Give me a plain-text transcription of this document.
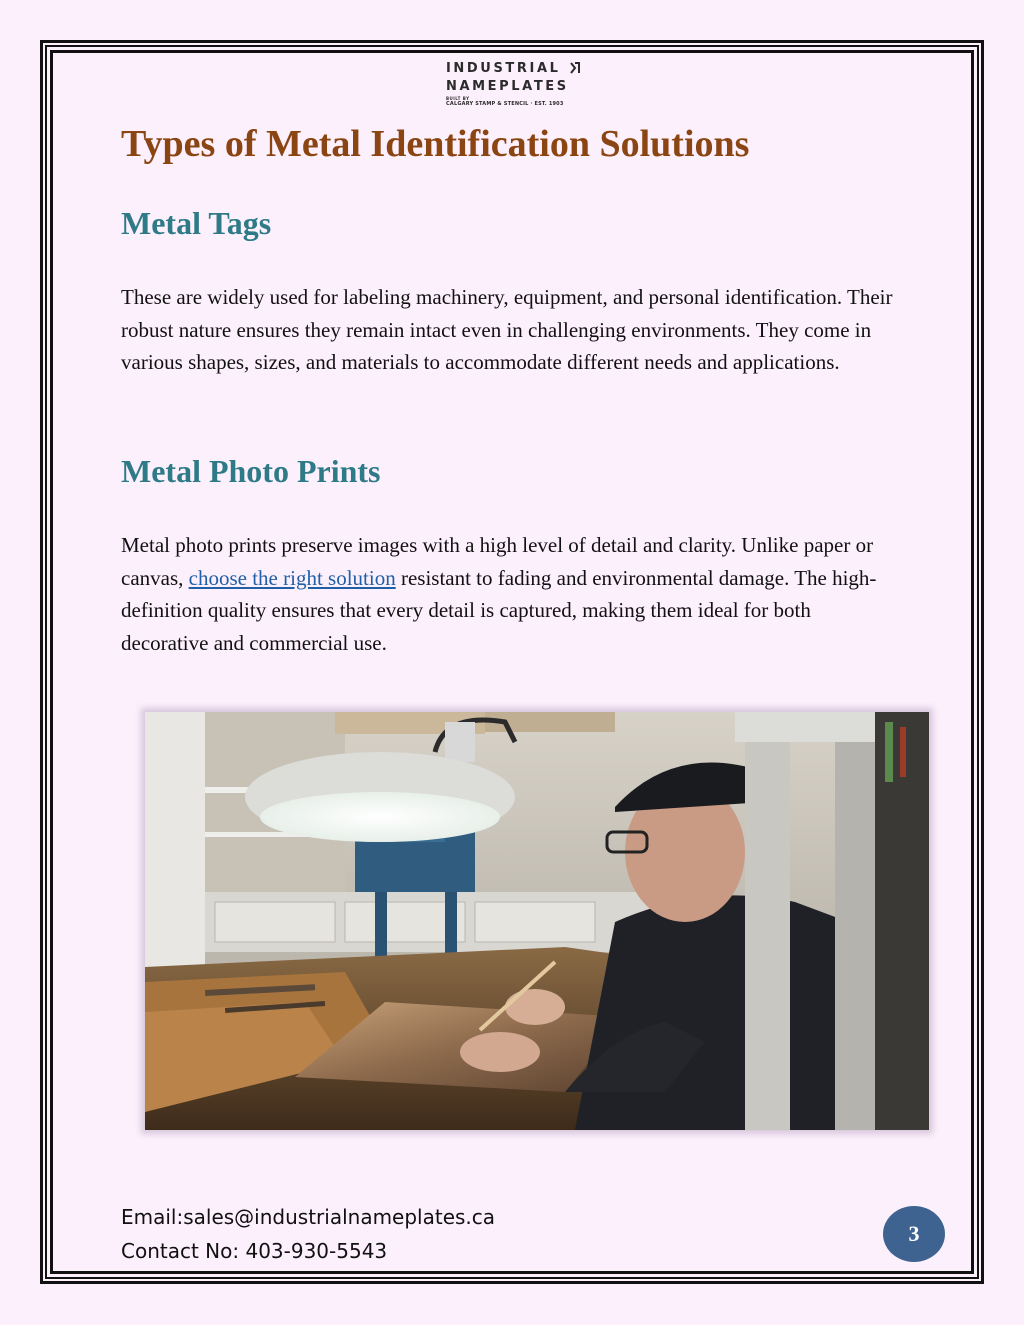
INDUSTRIAL
NAMEPLATES
BUILT BY
CALGARY STAMP & STENCIL · EST. 1903
Types of Metal Identification Solutions
Metal Tags

These are widely used for labeling machinery, equipment, and personal identification. Their robust nature ensures they remain intact even in challenging environments. They come in various shapes, sizes, and materials to accommodate different needs and applications.

Metal Photo Prints

Metal photo prints preserve images with a high level of detail and clarity. Unlike paper or canvas, choose the right solution resistant to fading and environmental damage. The high-definition quality ensures that every detail is captured, making them ideal for both decorative and commercial use.

Email:sales@industrialnameplates.ca
Contact No: 403-930-5543
3
